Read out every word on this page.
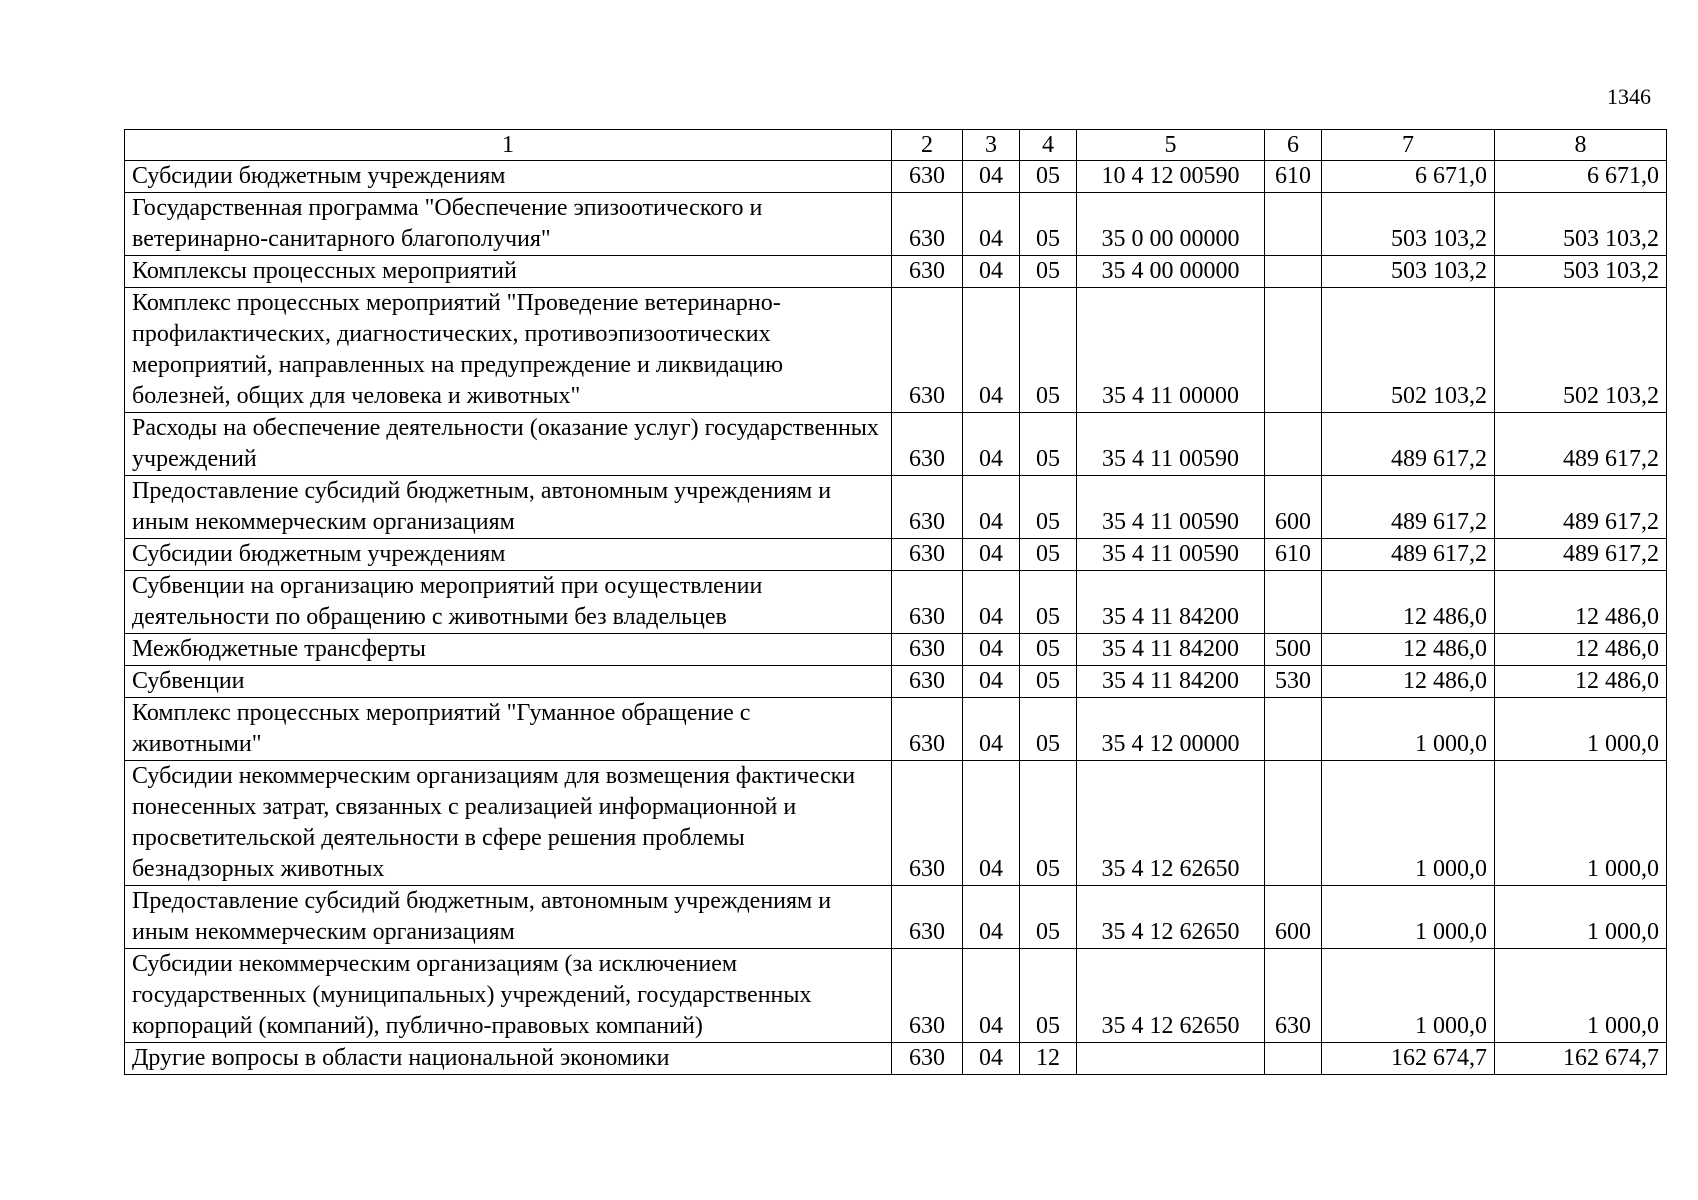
1346
1	2	3	4	5	6	7	8
Субсидии бюджетным учреждениям	630	04	05	10 4 12 00590	610	6 671,0	6 671,0
Государственная программа "Обеспечение эпизоотического и ветеринарно-санитарного благополучия"	630	04	05	35 0 00 00000		503 103,2	503 103,2
Комплексы процессных мероприятий	630	04	05	35 4 00 00000		503 103,2	503 103,2
Комплекс процессных мероприятий "Проведение ветеринарно-профилактических, диагностических, противоэпизоотических мероприятий, направленных на предупреждение и ликвидацию болезней, общих для человека и животных"	630	04	05	35 4 11 00000		502 103,2	502 103,2
Расходы на обеспечение деятельности (оказание услуг) государственных учреждений	630	04	05	35 4 11 00590		489 617,2	489 617,2
Предоставление субсидий бюджетным, автономным учреждениям и иным некоммерческим организациям	630	04	05	35 4 11 00590	600	489 617,2	489 617,2
Субсидии бюджетным учреждениям	630	04	05	35 4 11 00590	610	489 617,2	489 617,2
Субвенции на организацию мероприятий при осуществлении деятельности по обращению с животными без владельцев	630	04	05	35 4 11 84200		12 486,0	12 486,0
Межбюджетные трансферты	630	04	05	35 4 11 84200	500	12 486,0	12 486,0
Субвенции	630	04	05	35 4 11 84200	530	12 486,0	12 486,0
Комплекс процессных мероприятий "Гуманное обращение с животными"	630	04	05	35 4 12 00000		1 000,0	1 000,0
Субсидии некоммерческим организациям для возмещения фактически понесенных затрат, связанных с реализацией информационной и просветительской деятельности в сфере решения проблемы безнадзорных животных	630	04	05	35 4 12 62650		1 000,0	1 000,0
Предоставление субсидий бюджетным, автономным учреждениям и иным некоммерческим организациям	630	04	05	35 4 12 62650	600	1 000,0	1 000,0
Субсидии некоммерческим организациям (за исключением государственных (муниципальных) учреждений, государственных корпораций (компаний), публично-правовых компаний)	630	04	05	35 4 12 62650	630	1 000,0	1 000,0
Другие вопросы в области национальной экономики	630	04	12			162 674,7	162 674,7
